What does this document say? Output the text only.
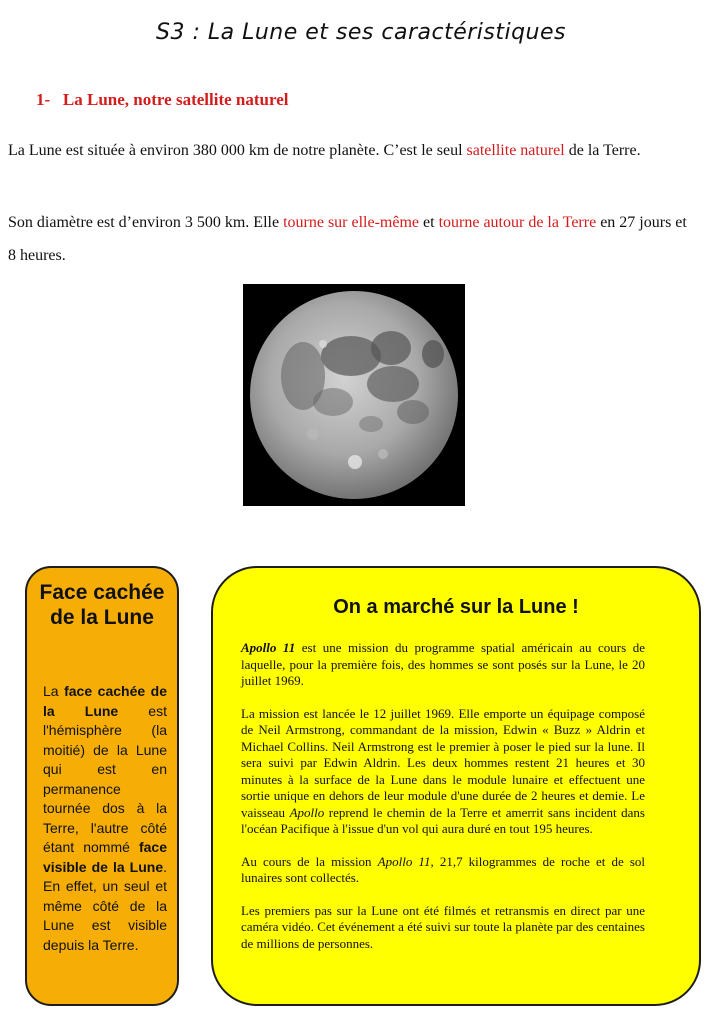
S3 : La Lune et ses caractéristiques
1- La Lune, notre satellite naturel
La Lune est située à environ 380 000 km de notre planète. C’est le seul satellite naturel de la Terre.
Son diamètre est d’environ 3 500 km. Elle tourne sur elle-même et tourne autour de la Terre en 27 jours et 8 heures.
Face cachée de la Lune
La face cachée de la Lune est l'hémisphère (la moitié) de la Lune qui est en permanence tournée dos à la Terre, l'autre côté étant nommé face visible de la Lune. En effet, un seul et même côté de la Lune est visible depuis la Terre.
On a marché sur la Lune !

Apollo 11 est une mission du programme spatial américain au cours de laquelle, pour la première fois, des hommes se sont posés sur la Lune, le 20 juillet 1969.

La mission est lancée le 12 juillet 1969. Elle emporte un équipage composé de Neil Armstrong, commandant de la mission, Edwin « Buzz » Aldrin et Michael Collins. Neil Armstrong est le premier à poser le pied sur la lune. Il sera suivi par Edwin Aldrin. Les deux hommes restent 21 heures et 30 minutes à la surface de la Lune dans le module lunaire et effectuent une sortie unique en dehors de leur module d'une durée de 2 heures et demie. Le vaisseau Apollo reprend le chemin de la Terre et amerrit sans incident dans l'océan Pacifique à l'issue d'un vol qui aura duré en tout 195 heures.

Au cours de la mission Apollo 11, 21,7 kilogrammes de roche et de sol lunaires sont collectés.

Les premiers pas sur la Lune ont été filmés et retransmis en direct par une caméra vidéo. Cet événement a été suivi sur toute la planète par des centaines de millions de personnes.
